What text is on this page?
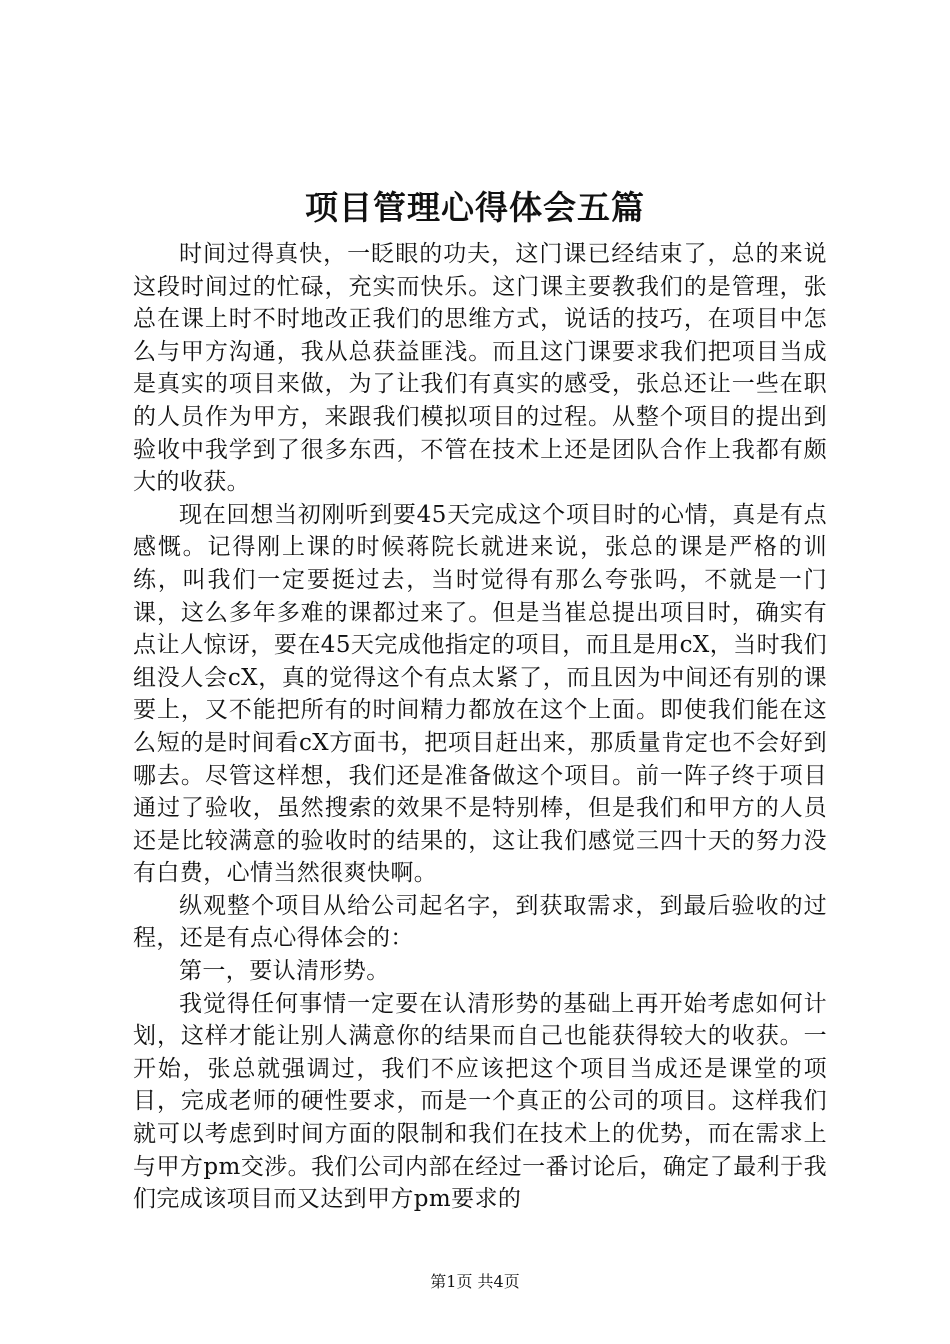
项目管理心得体会五篇

时间过得真快，一眨眼的功夫，这门课已经结束了，总的来说这段时间过的忙碌，充实而快乐。这门课主要教我们的是管理，张总在课上时不时地改正我们的思维方式，说话的技巧，在项目中怎么与甲方沟通，我从总获益匪浅。而且这门课要求我们把项目当成是真实的项目来做，为了让我们有真实的感受，张总还让一些在职的人员作为甲方，来跟我们模拟项目的过程。从整个项目的提出到验收中我学到了很多东西，不管在技术上还是团队合作上我都有颇大的收获。

现在回想当初刚听到要45天完成这个项目时的心情，真是有点感慨。记得刚上课的时候蒋院长就进来说，张总的课是严格的训练，叫我们一定要挺过去，当时觉得有那么夸张吗，不就是一门课，这么多年多难的课都过来了。但是当崔总提出项目时，确实有点让人惊讶，要在45天完成他指定的项目，而且是用cX，当时我们组没人会cX，真的觉得这个有点太紧了，而且因为中间还有别的课要上，又不能把所有的时间精力都放在这个上面。即使我们能在这么短的是时间看cX方面书，把项目赶出来，那质量肯定也不会好到哪去。尽管这样想，我们还是准备做这个项目。前一阵子终于项目通过了验收，虽然搜索的效果不是特别棒，但是我们和甲方的人员还是比较满意的验收时的结果的，这让我们感觉三四十天的努力没有白费，心情当然很爽快啊。

纵观整个项目从给公司起名字，到获取需求，到最后验收的过程，还是有点心得体会的：

第一，要认清形势。

我觉得任何事情一定要在认清形势的基础上再开始考虑如何计划，这样才能让别人满意你的结果而自己也能获得较大的收获。一开始，张总就强调过，我们不应该把这个项目当成还是课堂的项目，完成老师的硬性要求，而是一个真正的公司的项目。这样我们就可以考虑到时间方面的限制和我们在技术上的优势，而在需求上与甲方pm交涉。我们公司内部在经过一番讨论后，确定了最利于我们完成该项目而又达到甲方pm要求的

第1页 共4页
